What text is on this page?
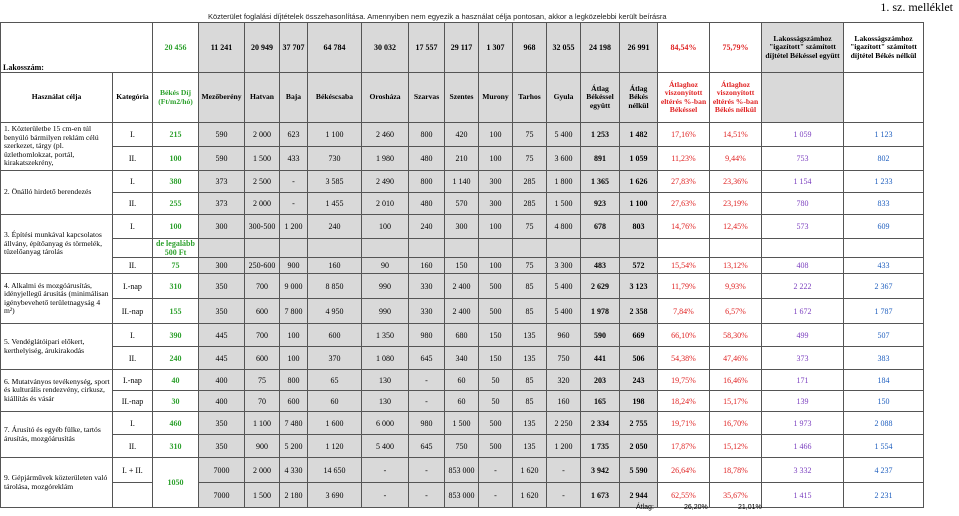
1. sz. melléklet
Közterület foglalási díjtételek összehasonlítása. Amennyiben nem egyezik a használat célja pontosan, akkor a legközelebbi került beírásra
Lakosszám:		20 456	11 241	20 949	37 707	64 784	30 032	17 557	29 117	1 307	968	32 055	24 198	26 991	84,54%	75,79%	Lakosságszámhoz "igazított" számított díjtétel Békéssel együtt	Lakosságszámhoz "igazított" számított díjtétel Békés nélkül
Használat célja	Kategória	Békés Díj (Ft/m2/hó)	Mezőberény	Hatvan	Baja	Békéscsaba	Orosháza	Szarvas	Szentes	Murony	Tarhos	Gyula	Átlag Békéssel együtt	Átlag Békés nélkül	Átlaghoz viszonyított eltérés %-ban Békéssel	Átlaghoz viszonyított eltérés %-ban Békés nélkül		
1. Közterületbe 15 cm-en túl benyúló bármilyen reklám célú szerkezet, tárgy (pl. üzlethomlokzat, portál, kirakatszekrény,	I.	215	590	2 000	623	1 100	2 460	800	420	100	75	5 400	1 253	1 482	17,16%	14,51%	1 059	1 123
	II.	100	590	1 500	433	730	1 980	480	210	100	75	3 600	891	1 059	11,23%	9,44%	753	802
2. Önálló hirdető berendezés	I.	380	373	2 500	-	3 585	2 490	800	1 140	300	285	1 800	1 365	1 626	27,83%	23,36%	1 154	1 233
	II.	255	373	2 000	-	1 455	2 010	480	570	300	285	1 500	923	1 100	27,63%	23,19%	780	833
3. Építési munkával kapcsolatos állvány, építőanyag és törmelék, tüzelőanyag tárolás	I.	100	300	300-500	1 200	240	100	240	300	100	75	4 800	678	803	14,76%	12,45%	573	609
		de legalább 500 Ft																
	II.	75	300	250-600	900	160	90	160	150	100	75	3 300	483	572	15,54%	13,12%	408	433
4. Alkalmi és mozgóárusítás, idényjellegű árusítás (minimálisan igénybevehető területnagyság 4 m²)	I.-nap	310	350	700	9 000	8 850	990	330	2 400	500	85	5 400	2 629	3 123	11,79%	9,93%	2 222	2 367
	II.-nap	155	350	600	7 800	4 950	990	330	2 400	500	85	5 400	1 978	2 358	7,84%	6,57%	1 672	1 787
5. Vendéglátóipari előkert, kerthelyiség, árukirakodás	I.	390	445	700	100	600	1 350	980	680	150	135	960	590	669	66,10%	58,30%	499	507
	II.	240	445	600	100	370	1 080	645	340	150	135	750	441	506	54,38%	47,46%	373	383
6. Mutatványos tevékenység, sport és kulturális rendezvény, cirkusz, kiállítás és vásár	I.-nap	40	400	75	800	65	130	-	60	50	85	320	203	243	19,75%	16,46%	171	184
	II.-nap	30	400	70	600	60	130	-	60	50	85	160	165	198	18,24%	15,17%	139	150
7. Árusító és egyéb fülke, tartós árusítás, mozgóárusítás	I.	460	350	1 100	7 480	1 600	6 000	980	1 500	500	135	2 250	2 334	2 755	19,71%	16,70%	1 973	2 088
	II.	310	350	900	5 200	1 120	5 400	645	750	500	135	1 200	1 735	2 050	17,87%	15,12%	1 466	1 554
9. Gépjárművek közterületen való tárolása, mozgóreklám	I. + II.	1050	7000	2 000	4 330	14 650	-	-	853 000	-	1 620	-	3 942	5 590	26,64%	18,78%	3 332	4 237
			7000	1 500	2 180	3 690	-	-	853 000	-	1 620	-	1 673	2 944	62,55%	35,67%	1 415	2 231
Átlag:	26,20%	21,01%
